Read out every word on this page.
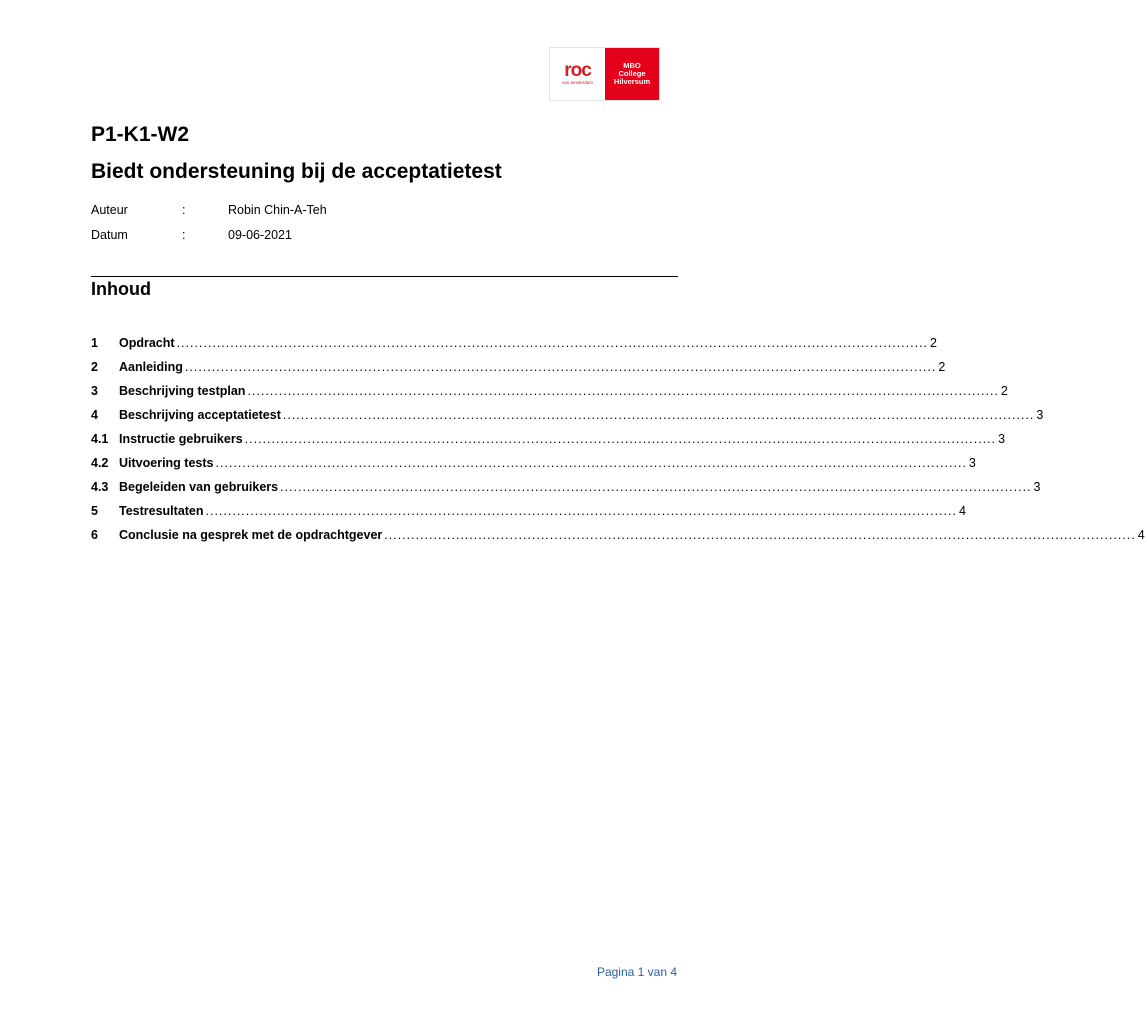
roc
van amsterdam
MBO
College
Hilversum
P1-K1-W2
Biedt ondersteuning bij de acceptatietest
Auteur	:	Robin Chin-A-Teh
Datum	:	09-06-2021
Inhoud
1	Opdracht ........................................................................................................................................................................ 2
2	Aanleiding ........................................................................................................................................................................ 2
3	Beschrijving testplan ........................................................................................................................................................................ 2
4	Beschrijving acceptatietest ........................................................................................................................................................................ 3
4.1 Instructie gebruikers ........................................................................................................................................................................ 3
4.2 Uitvoering tests ........................................................................................................................................................................ 3
4.3 Begeleiden van gebruikers ........................................................................................................................................................................ 3
5	Testresultaten ........................................................................................................................................................................ 4
6	Conclusie na gesprek met de opdrachtgever ........................................................................................................................................................................ 4
Pagina 1 van 4
